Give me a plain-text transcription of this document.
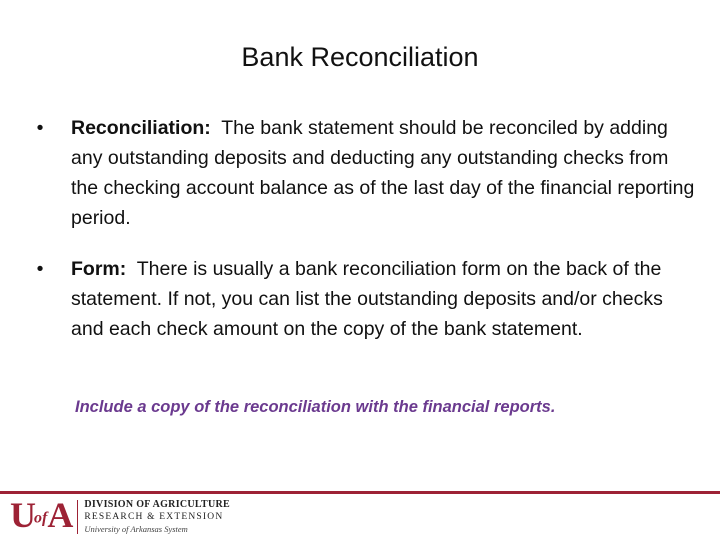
Bank Reconciliation
•	Reconciliation: The bank statement should be reconciled by adding any outstanding deposits and deducting any outstanding checks from the checking account balance as of the last day of the financial reporting period.
•	Form: There is usually a bank reconciliation form on the back of the statement. If not, you can list the outstanding deposits and/or checks and each check amount on the copy of the bank statement.
Include a copy of the reconciliation with the financial reports.
UofA DIVISION OF AGRICULTURE
RESEARCH & EXTENSION
University of Arkansas System
